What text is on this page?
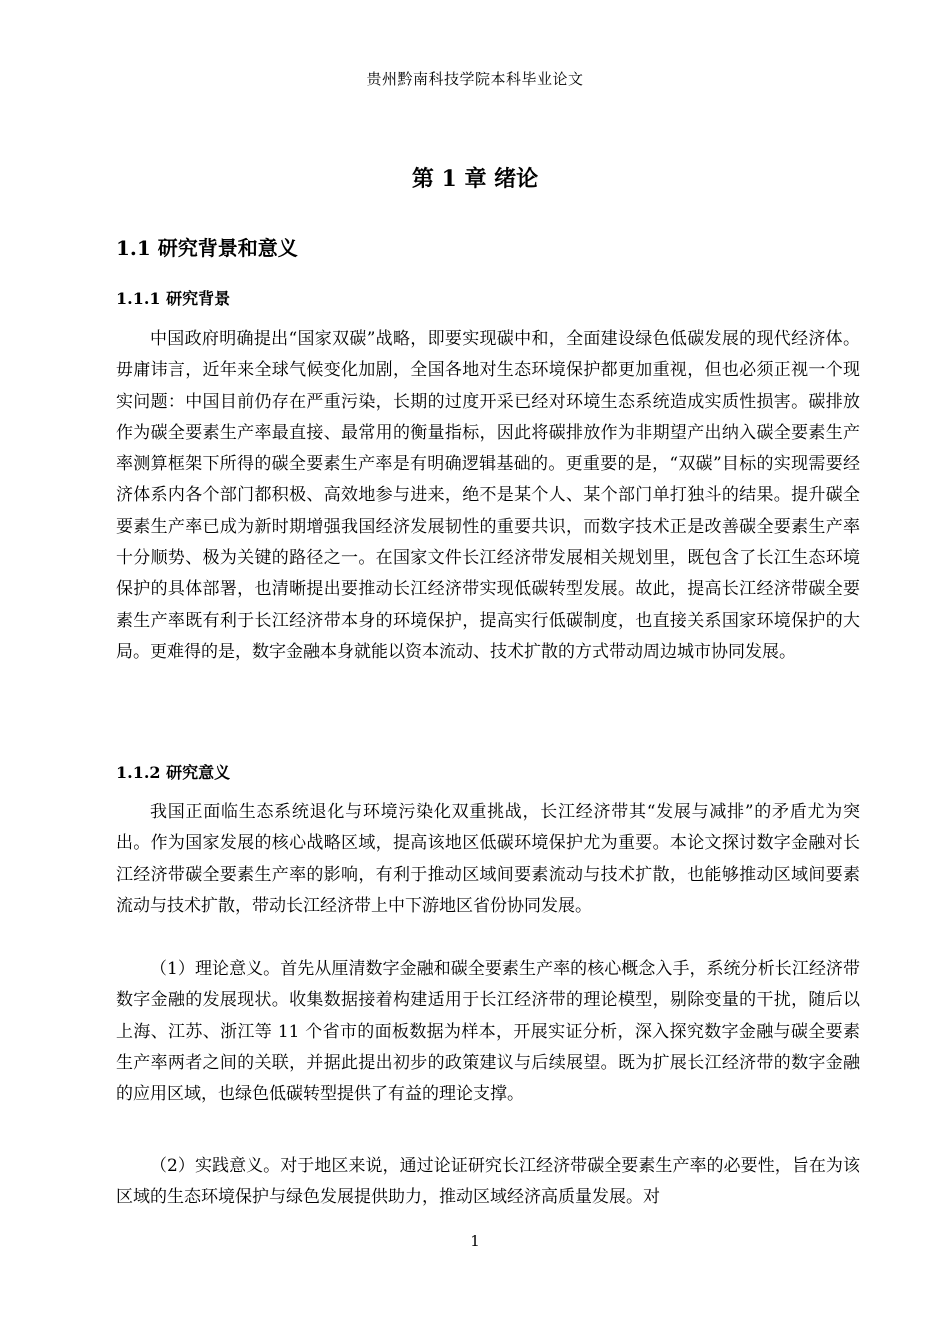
贵州黔南科技学院本科毕业论文
第 1 章 绪论
1.1 研究背景和意义
1.1.1 研究背景

中国政府明确提出“国家双碳”战略，即要实现碳中和，全面建设绿色低碳发展的现代经济体。毋庸讳言，近年来全球气候变化加剧，全国各地对生态环境保护都更加重视，但也必须正视一个现实问题：中国目前仍存在严重污染，长期的过度开采已经对环境生态系统造成实质性损害。碳排放作为碳全要素生产率最直接、最常用的衡量指标，因此将碳排放作为非期望产出纳入碳全要素生产率测算框架下所得的碳全要素生产率是有明确逻辑基础的。更重要的是，“双碳”目标的实现需要经济体系内各个部门都积极、高效地参与进来，绝不是某个人、某个部门单打独斗的结果。提升碳全要素生产率已成为新时期增强我国经济发展韧性的重要共识，而数字技术正是改善碳全要素生产率十分顺势、极为关键的路径之一。在国家文件长江经济带发展相关规划里，既包含了长江生态环境保护的具体部署，也清晰提出要推动长江经济带实现低碳转型发展。故此，提高长江经济带碳全要素生产率既有利于长江经济带本身的环境保护，提高实行低碳制度，也直接关系国家环境保护的大局。更难得的是，数字金融本身就能以资本流动、技术扩散的方式带动周边城市协同发展。

1.1.2 研究意义

我国正面临生态系统退化与环境污染化双重挑战，长江经济带其“发展与减排”的矛盾尤为突出。作为国家发展的核心战略区域，提高该地区低碳环境保护尤为重要。本论文探讨数字金融对长江经济带碳全要素生产率的影响，有利于推动区域间要素流动与技术扩散，也能够推动区域间要素流动与技术扩散，带动长江经济带上中下游地区省份协同发展。

（1）理论意义。首先从厘清数字金融和碳全要素生产率的核心概念入手，系统分析长江经济带数字金融的发展现状。收集数据接着构建适用于长江经济带的理论模型，剔除变量的干扰，随后以上海、江苏、浙江等 11 个省市的面板数据为样本，开展实证分析，深入探究数字金融与碳全要素生产率两者之间的关联，并据此提出初步的政策建议与后续展望。既为扩展长江经济带的数字金融的应用区域，也绿色低碳转型提供了有益的理论支撑。

（2）实践意义。对于地区来说，通过论证研究长江经济带碳全要素生产率的必要性，旨在为该区域的生态环境保护与绿色发展提供助力，推动区域经济高质量发展。对

1
